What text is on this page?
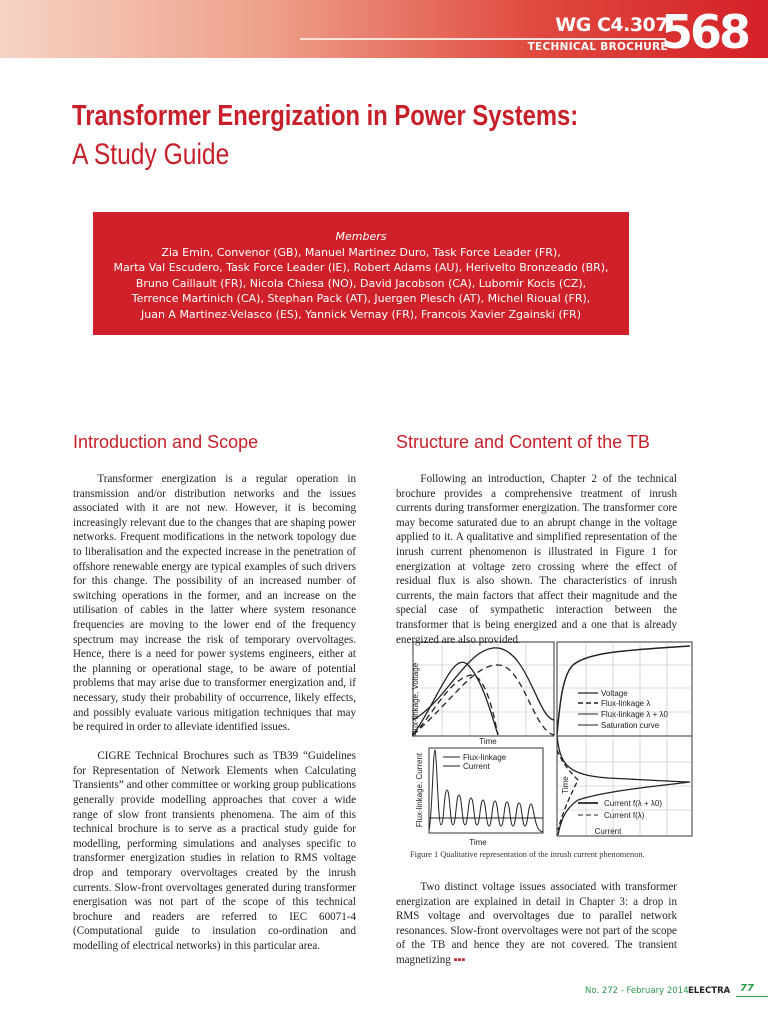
WG C4.307
TECHNICAL BROCHURE
568
Transformer Energization in Power Systems:
A Study Guide
Members
Zia Emin, Convenor (GB), Manuel Martinez Duro, Task Force Leader (FR),
Marta Val Escudero, Task Force Leader (IE), Robert Adams (AU), Herivelto Bronzeado (BR),
Bruno Caillault (FR), Nicola Chiesa (NO), David Jacobson (CA), Lubomir Kocis (CZ),
Terrence Martinich (CA), Stephan Pack (AT), Juergen Plesch (AT), Michel Rioual (FR),
Juan A Martinez-Velasco (ES), Yannick Vernay (FR), Francois Xavier Zgainski (FR)
Introduction and Scope	Structure and Content of the TB

Transformer energization is a regular operation in transmission and/or distribution networks and the issues associated with it are not new. However, it is becoming increasingly relevant due to the changes that are shaping power networks. Frequent modifications in the network topology due to liberalisation and the expected increase in the penetration of offshore renewable energy are typical examples of such drivers for this change. The possibility of an increased number of switching operations in the former, and an increase on the utilisation of cables in the latter where system resonance frequencies are moving to the lower end of the frequency spectrum may increase the risk of temporary overvoltages. Hence, there is a need for power systems engineers, either at the planning or operational stage, to be aware of potential problems that may arise due to transformer energization and, if necessary, study their probability of occurrence, likely effects, and possibly evaluate various mitigation techniques that may be required in order to alleviate identified issues.

CIGRE Technical Brochures such as TB39 “Guidelines for Representation of Network Elements when Calculating Transients” and other committee or working group publications generally provide modelling approaches that cover a wide range of slow front transients phenomena. The aim of this technical brochure is to serve as a practical study guide for modelling, performing simulations and analyses specific to transformer energization studies in relation to RMS voltage drop and temporary overvoltages created by the inrush currents. Slow-front overvoltages generated during transformer energisation was not part of the scope of this technical brochure and readers are referred to IEC 60071-4 (Computational guide to insulation co-ordination and modelling of electrical networks) in this particular area.

Following an introduction, Chapter 2 of the technical brochure provides a comprehensive treatment of inrush currents during transformer energization. The transformer core may become saturated due to an abrupt change in the voltage applied to it. A qualitative and simplified representation of the inrush current phenomenon is illustrated in Figure 1 for energization at voltage zero crossing where the effect of residual flux is also shown. The characteristics of inrush currents, the main factors that affect their magnitude and the special case of sympathetic interaction between the transformer that is being energized and a one that is already energized are also provided.

Two distinct voltage issues associated with transformer energization are explained in detail in Chapter 3: a drop in RMS voltage and overvoltages due to parallel network resonances. Slow-front overvoltages were not part of the scope of the TB and hence they are not covered. The transient magnetizing ▪▪▪

Flux-linkage, Voltage
Time
Flux-linkage, Current
Time
Flux-linkage
Current
Voltage
Flux-linkage λ
Flux-linkage λ + λ0
Saturation curve
Time
Current f(λ + λ0)
Current f(λ)
Current
Figure 1 Qualitative representation of the inrush current phenomenon.
No. 272 - February 2014 ELECTRA 77
